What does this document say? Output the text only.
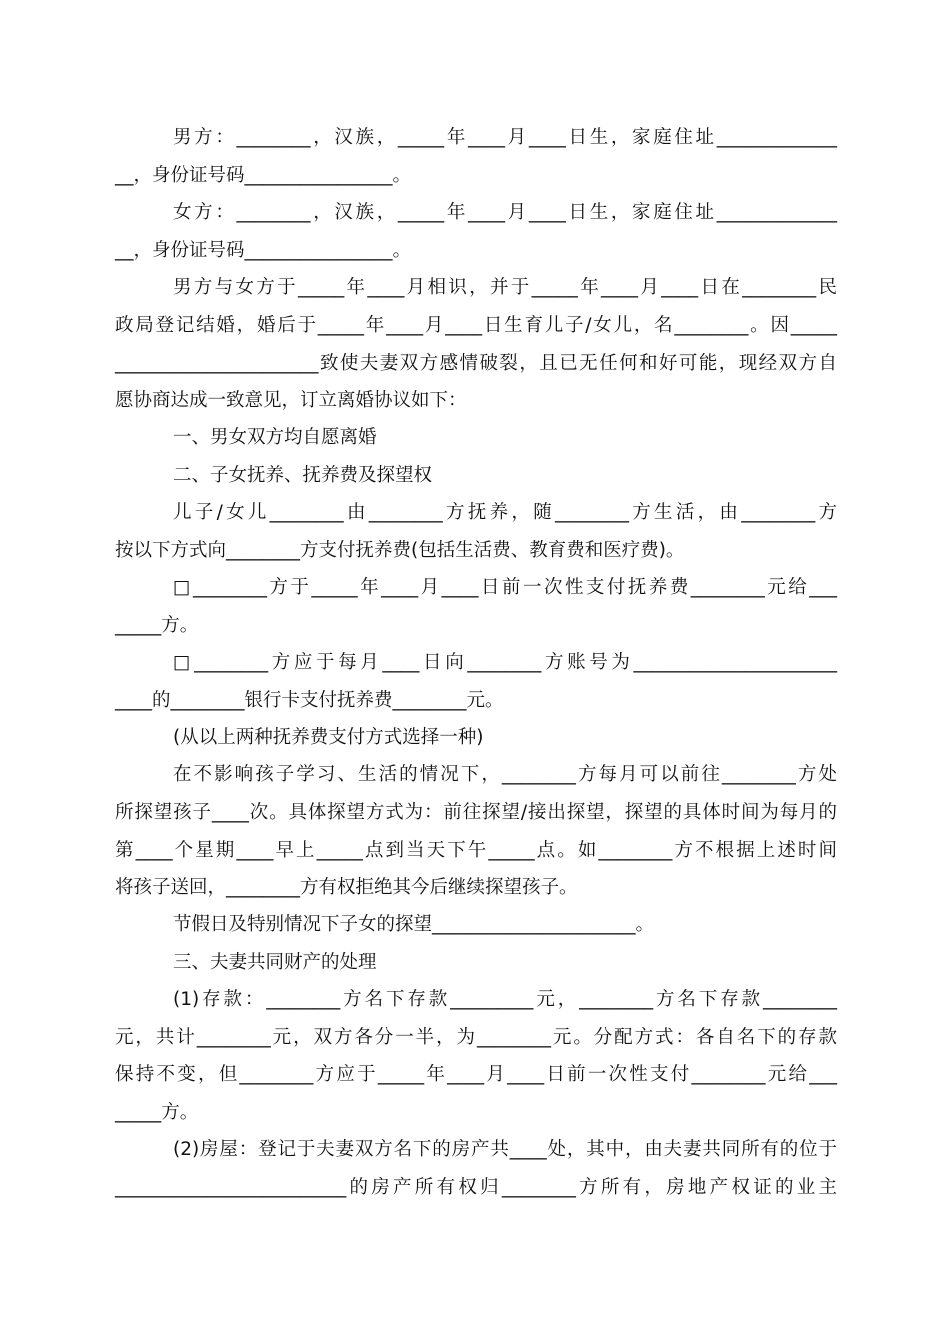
男方：________，汉族，_____年____月____日生，家庭住址_____________
__，身份证号码________________。
女方：________，汉族，_____年____月____日生，家庭住址_____________
__，身份证号码________________。
男方与女方于_____年____月相识，并于_____年____月____日在________民
政局登记结婚，婚后于_____年____月____日生育儿子/女儿，名________。因_____
______________________致使夫妻双方感情破裂，且已无任何和好可能，现经双方自
愿协商达成一致意见，订立离婚协议如下：
一、男女双方均自愿离婚
二、子女抚养、抚养费及探望权
儿子/女儿________由________方抚养，随________方生活，由________方
按以下方式向________方支付抚养费(包括生活费、教育费和医疗费)。
□________方于_____年____月____日前一次性支付抚养费________元给___
_____方。
□________方应于每月____日向________方账号为______________________
____的________银行卡支付抚养费________元。
(从以上两种抚养费支付方式选择一种)
在不影响孩子学习、生活的情况下，________方每月可以前往________方处
所探望孩子____次。具体探望方式为：前往探望/接出探望，探望的具体时间为每月的
第____个星期____早上_____点到当天下午_____点。如________方不根据上述时间
将孩子送回，________方有权拒绝其今后继续探望孩子。
节假日及特别情况下子女的探望______________________。
三、夫妻共同财产的处理
(1)存款：________方名下存款_________元，________方名下存款________
元，共计________元，双方各分一半，为________元。分配方式：各自名下的存款
保持不变，但________方应于_____年____月____日前一次性支付________元给___
_____方。
(2)房屋：登记于夫妻双方名下的房产共____处，其中，由夫妻共同所有的位于
_________________________的房产所有权归________方所有，房地产权证的业主
